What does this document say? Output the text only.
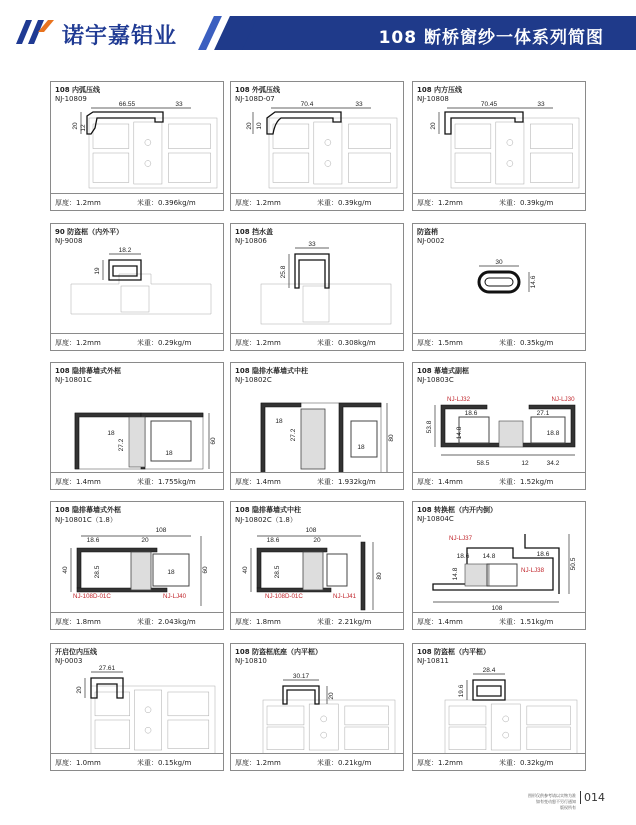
诺宇嘉铝业	108 断桥窗纱一体系列简图
66.55	33
20 12
108 内弧压线
NJ-10809
厚度：1.2mm	米重：0.396kg/m
70.4	33
20 10
108 外弧压线
NJ-108D-07
厚度：1.2mm	米重：0.39kg/m
70.45	33
20
108 内方压线
NJ-10808
厚度：1.2mm	米重：0.39kg/m
18.2
19
90 防盗框（内外平）
NJ-9008
厚度：1.2mm	米重：0.29kg/m
33
25.8
108 挡水盖
NJ-10806
厚度：1.2mm	米重：0.308kg/m
30
14.6
防盗梢
NJ-0002
厚度：1.5mm	米重：0.35kg/m
60
18
27.2
18
108 隐排幕墙式外框
NJ-10801C
厚度：1.4mm	米重：1.755kg/m
80
18
27.2
18
108 隐排水幕墙式中柱
NJ-10802C
厚度：1.4mm	米重：1.932kg/m
53.8
18.6
14.8
27.1
18.8
58.5	12	34.2
NJ-LJ32	NJ-LJ30
108 幕墙式副框
NJ-10803C
厚度：1.4mm	米重：1.52kg/m
40
18.6	20
18
108
28.5	60
NJ-108D-01C	NJ-LJ40
108 隐排幕墙式外框
NJ-10801C（1.8）
厚度：1.8mm	米重：2.043kg/m
108
18.6	20
40	28.5	80
NJ-108D-01C	NJ-LJ41
108 隐排幕墙式中柱
NJ-10802C（1.8）
厚度：1.8mm	米重：2.21kg/m
18.6 14.8
14.8
18.6
50.5
108
NJ-LJ37
NJ-LJ38
108 转换框（内开内倒）
NJ-10804C
厚度：1.4mm	米重：1.51kg/m
27.61
20
开启位内压线
NJ-0003
厚度：1.0mm	米重：0.15kg/m
30.17
20
108 防盗框底座（内平框）
NJ-10810
厚度：1.2mm	米重：0.21kg/m
28.4
19.6
108 防盗框（内平框）
NJ-10811
厚度：1.2mm	米重：0.32kg/m
图形仅供参考请以实物为准
如有变动恕不另行通知
版权所有
014
